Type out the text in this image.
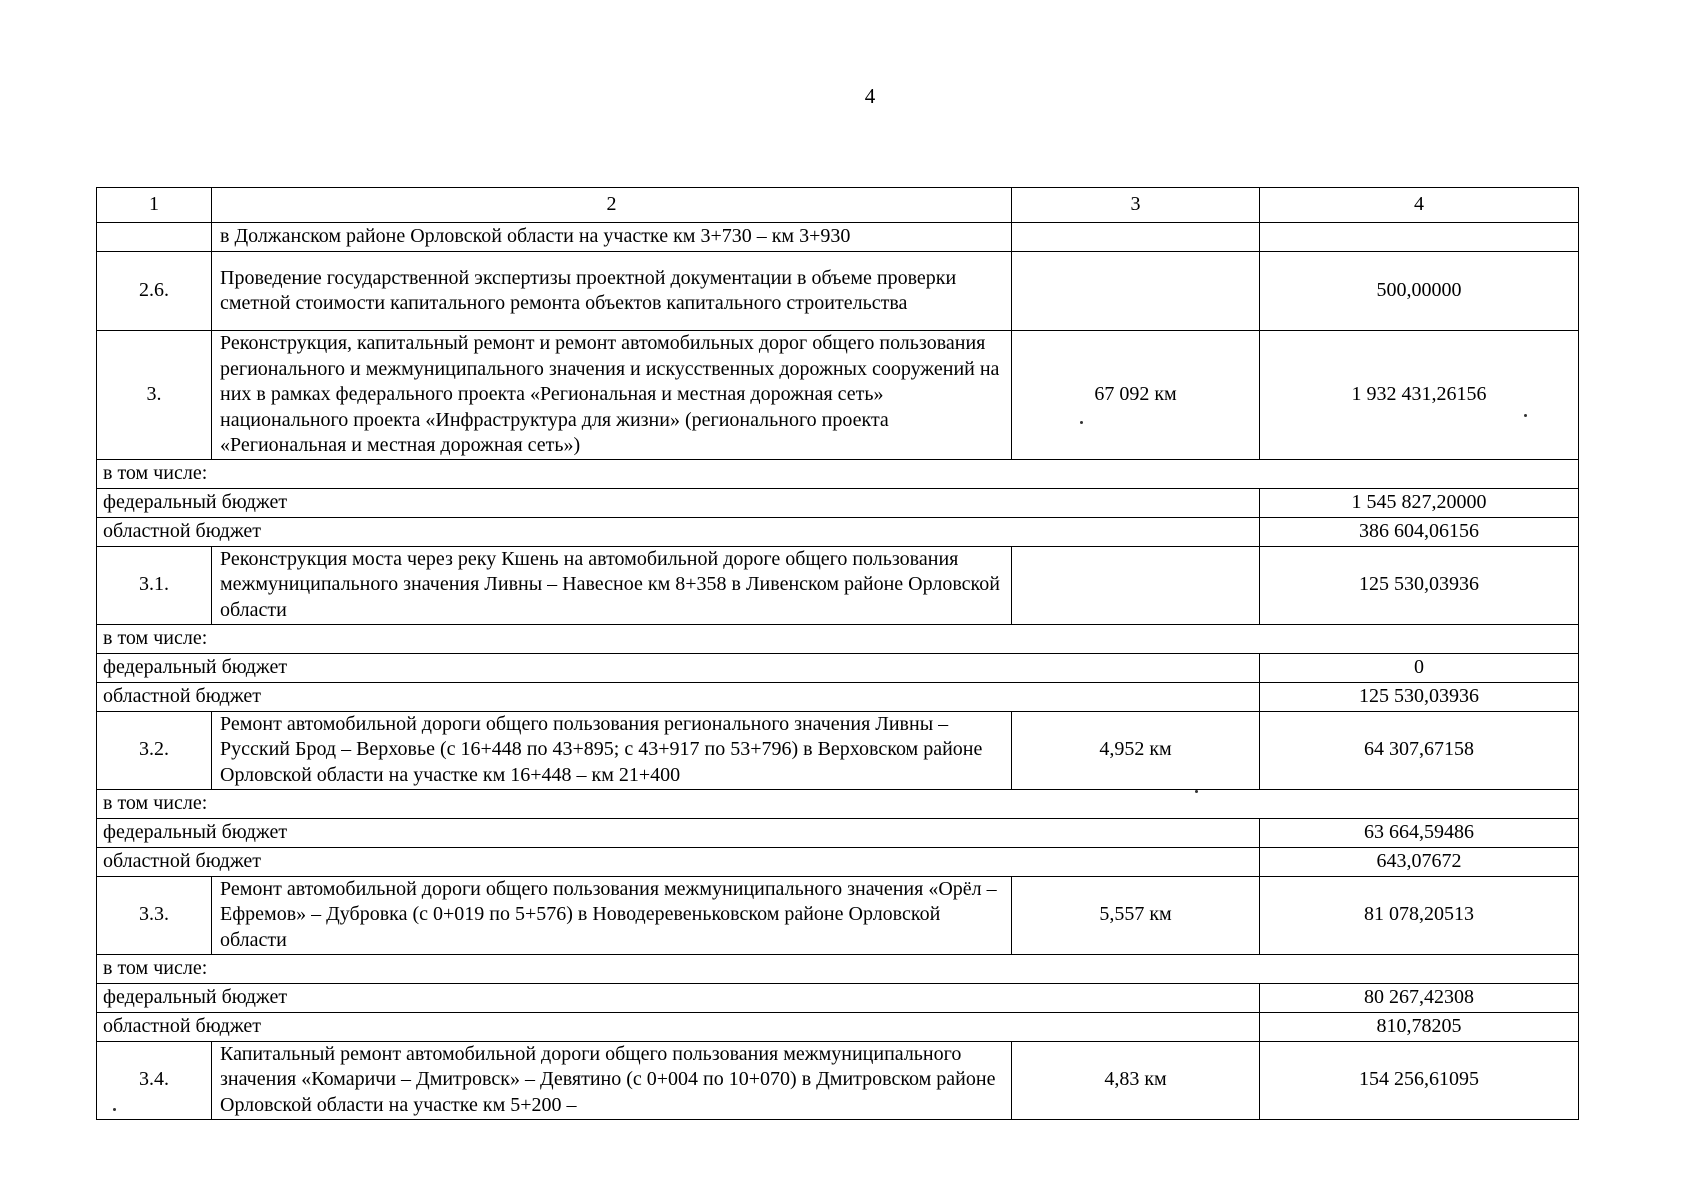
4
1	2	3	4
	в Должанском районе Орловской области на участке км 3+730 – км 3+930		
2.6.	Проведение государственной экспертизы проектной документации в объеме проверки сметной стоимости капитального ремонта объектов капитального строительства		500,00000
3.	Реконструкция, капитальный ремонт и ремонт автомобильных дорог общего пользования регионального и межмуниципального значения и искусственных дорожных сооружений на них в рамках федерального проекта «Региональная и местная дорожная сеть» национального проекта «Инфраструктура для жизни» (регионального проекта «Региональная и местная дорожная сеть»)	67 092 км	1 932 431,26156
в том числе:			
федеральный бюджет			1 545 827,20000
областной бюджет			386 604,06156
3.1.	Реконструкция моста через реку Кшень на автомобильной дороге общего пользования межмуниципального значения Ливны – Навесное км 8+358 в Ливенском районе Орловской области		125 530,03936
в том числе:			
федеральный бюджет			0
областной бюджет			125 530,03936
3.2.	Ремонт автомобильной дороги общего пользования регионального значения Ливны – Русский Брод – Верховье (с 16+448 по 43+895; с 43+917 по 53+796) в Верховском районе Орловской области на участке км 16+448 – км 21+400	4,952 км	64 307,67158
в том числе:			
федеральный бюджет			63 664,59486
областной бюджет			643,07672
3.3.	Ремонт автомобильной дороги общего пользования межмуниципального значения «Орёл – Ефремов» – Дубровка (с 0+019 по 5+576) в Новодеревеньковском районе Орловской области	5,557 км	81 078,20513
в том числе:			
федеральный бюджет			80 267,42308
областной бюджет			810,78205
3.4.	Капитальный ремонт автомобильной дороги общего пользования межмуниципального значения «Комаричи – Дмитровск» – Девятино (с 0+004 по 10+070) в Дмитровском районе Орловской области на участке км 5+200 –	4,83 км	154 256,61095
